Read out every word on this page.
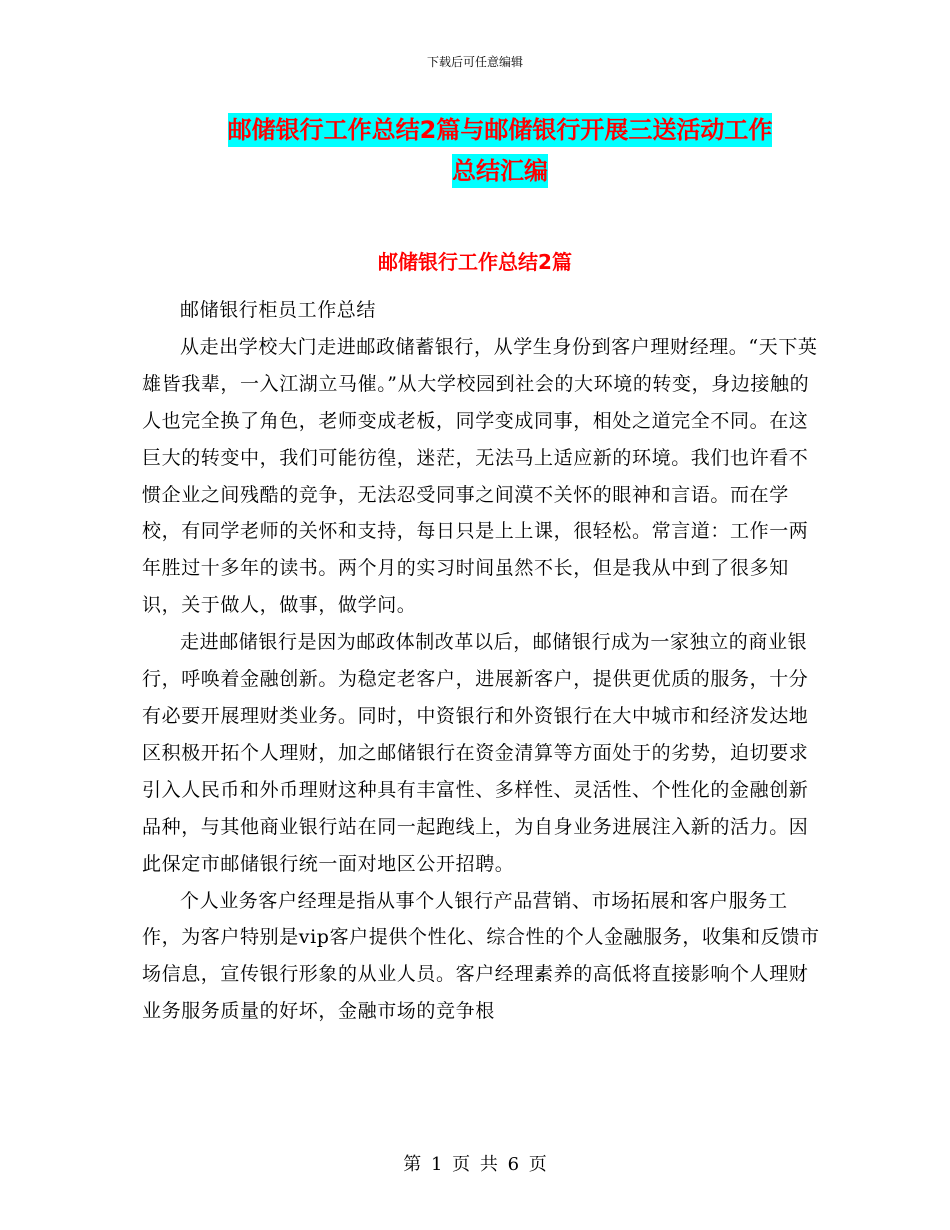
下载后可任意编辑
邮储银行工作总结2篇与邮储银行开展三送活动工作
总结汇编
邮储银行工作总结2篇

邮储银行柜员工作总结

从走出学校大门走进邮政储蓄银行，从学生身份到客户理财经理。“天下英雄皆我辈，一入江湖立马催。”从大学校园到社会的大环境的转变，身边接触的人也完全换了角色，老师变成老板，同学变成同事，相处之道完全不同。在这巨大的转变中，我们可能彷徨，迷茫，无法马上适应新的环境。我们也许看不惯企业之间残酷的竞争，无法忍受同事之间漠不关怀的眼神和言语。而在学校，有同学老师的关怀和支持，每日只是上上课，很轻松。常言道：工作一两年胜过十多年的读书。两个月的实习时间虽然不长，但是我从中到了很多知识，关于做人，做事，做学问。

走进邮储银行是因为邮政体制改革以后，邮储银行成为一家独立的商业银行，呼唤着金融创新。为稳定老客户，进展新客户，提供更优质的服务，十分有必要开展理财类业务。同时，中资银行和外资银行在大中城市和经济发达地区积极开拓个人理财，加之邮储银行在资金清算等方面处于的劣势，迫切要求引入人民币和外币理财这种具有丰富性、多样性、灵活性、个性化的金融创新品种，与其他商业银行站在同一起跑线上，为自身业务进展注入新的活力。因此保定市邮储银行统一面对地区公开招聘。

个人业务客户经理是指从事个人银行产品营销、市场拓展和客户服务工作，为客户特别是vip客户提供个性化、综合性的个人金融服务，收集和反馈市场信息，宣传银行形象的从业人员。客户经理素养的高低将直接影响个人理财业务服务质量的好坏，金融市场的竞争根

第 1 页 共 6 页
